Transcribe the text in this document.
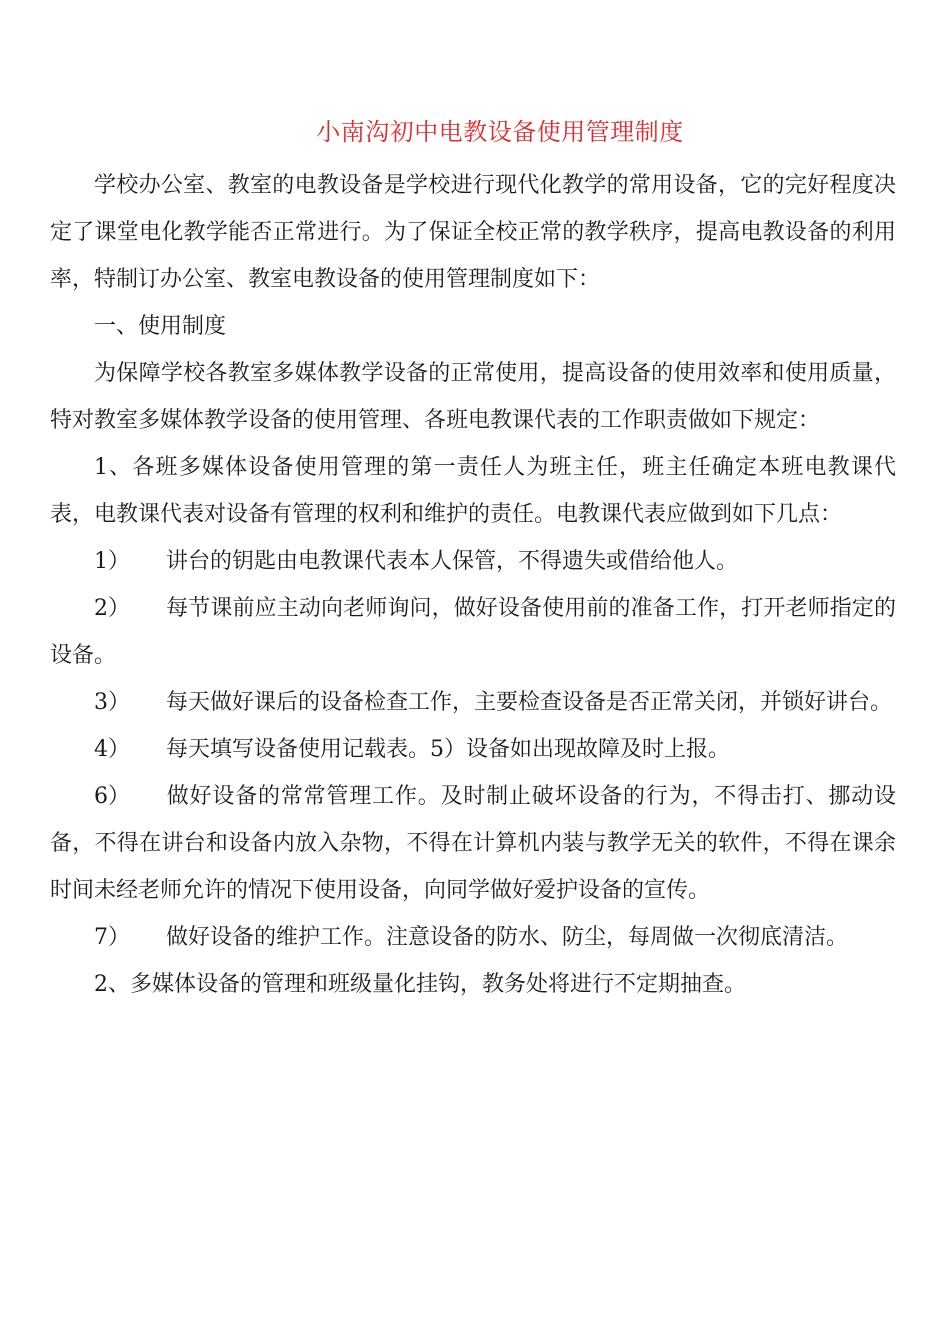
小南沟初中电教设备使用管理制度

学校办公室、教室的电教设备是学校进行现代化教学的常用设备，它的完好程度决定了课堂电化教学能否正常进行。为了保证全校正常的教学秩序，提高电教设备的利用率，特制订办公室、教室电教设备的使用管理制度如下：

一、使用制度

为保障学校各教室多媒体教学设备的正常使用，提高设备的使用效率和使用质量，特对教室多媒体教学设备的使用管理、各班电教课代表的工作职责做如下规定：

1、各班多媒体设备使用管理的第一责任人为班主任，班主任确定本班电教课代表，电教课代表对设备有管理的权利和维护的责任。电教课代表应做到如下几点：

1） 讲台的钥匙由电教课代表本人保管，不得遗失或借给他人。

2） 每节课前应主动向老师询问，做好设备使用前的准备工作，打开老师指定的设备。

3） 每天做好课后的设备检查工作，主要检查设备是否正常关闭，并锁好讲台。

4） 每天填写设备使用记载表。5）设备如出现故障及时上报。

6） 做好设备的常常管理工作。及时制止破坏设备的行为，不得击打、挪动设备，不得在讲台和设备内放入杂物，不得在计算机内装与教学无关的软件，不得在课余时间未经老师允许的情况下使用设备，向同学做好爱护设备的宣传。

7） 做好设备的维护工作。注意设备的防水、防尘，每周做一次彻底清洁。

2、多媒体设备的管理和班级量化挂钩，教务处将进行不定期抽查。
